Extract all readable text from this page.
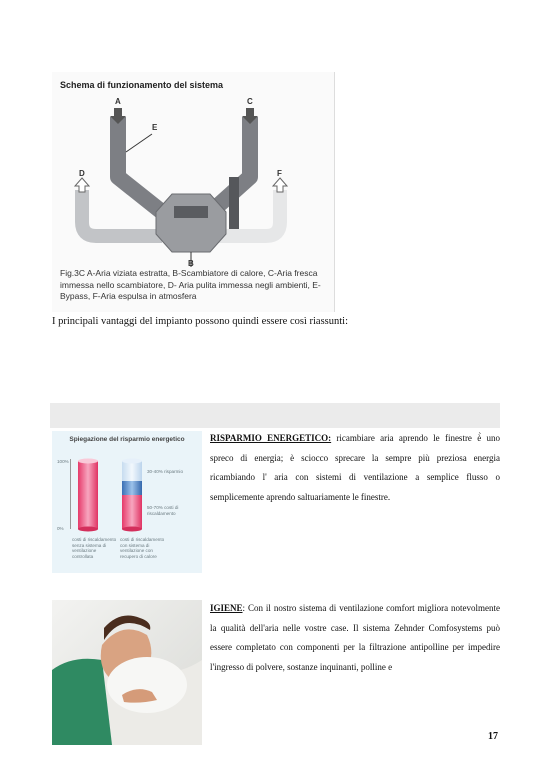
Schema di funzionamento del sistema
A	C
D
E
F
B
Fig.3C A-Aria viziata estratta, B-Scambiatore di calore, C-Aria fresca immessa nello scambiatore, D- Aria pulita immessa negli ambienti, E-Bypass, F-Aria espulsa in atmosfera
I principali vantaggi del impianto possono quindi essere così riassunti:
Spiegazione del risparmio energetico
100%
0%
30-40% risparmio
50-70% costi di riscaldamento
costi di riscaldamento senza sistema di ventilazione controllata
costi di riscaldamento con sistema di ventilazione con recupero di calore
RISPARMIO ENERGETICO: ricambiare aria aprendo le finestre è̀ uno spreco di energia; è sciocco sprecare la sempre più preziosa energia ricambiando l' aria con sistemi di ventilazione a semplice flusso o semplicemente aprendo saltuariamente le finestre.
IGIENE: Con il nostro sistema di ventilazione comfort migliora notevolmente la qualità dell'aria nelle vostre case. Il sistema Zehnder Comfosystems può essere completato con componenti per la filtrazione antipolline per impedire l'ingresso di polvere, sostanze inquinanti, polline e
17
